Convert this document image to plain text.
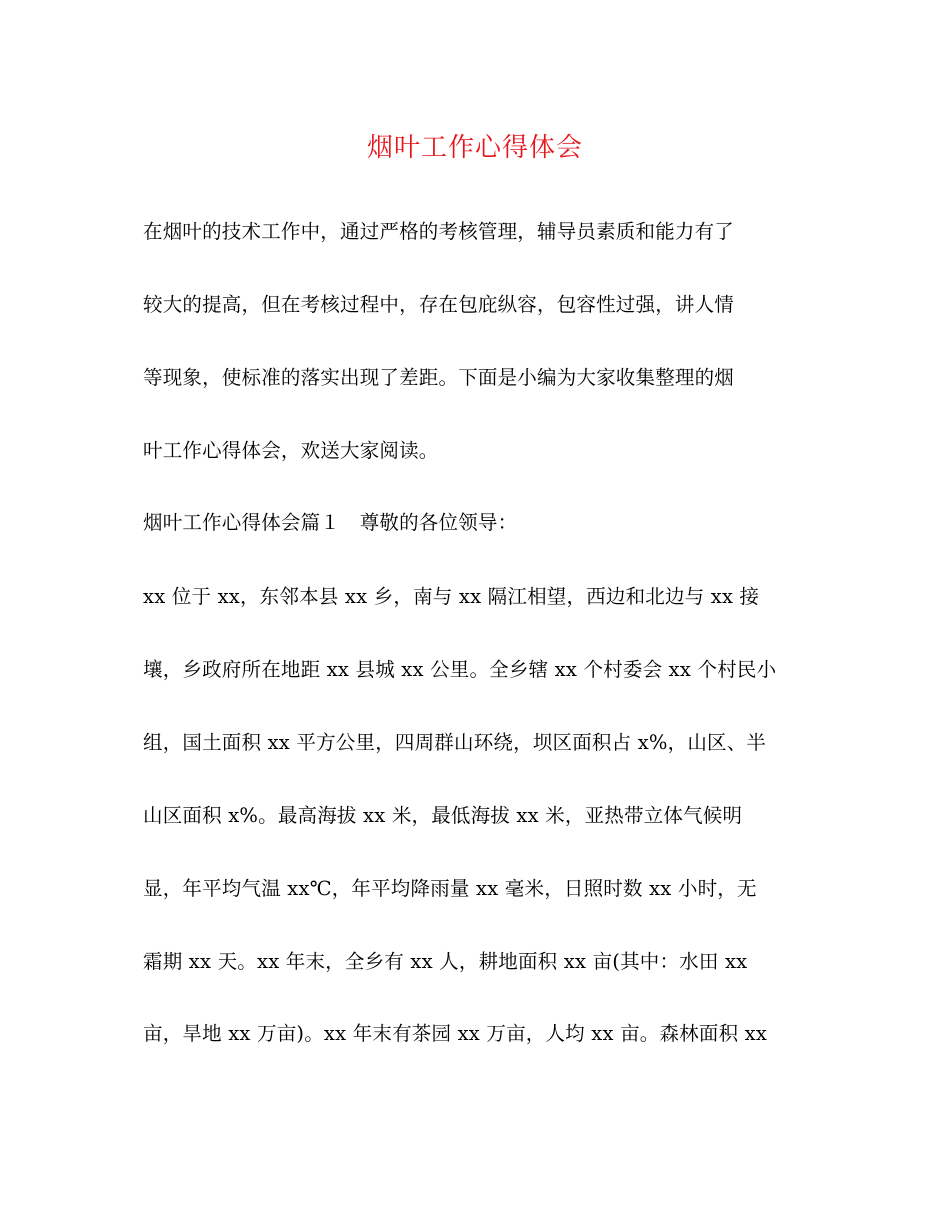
烟叶工作心得体会
在烟叶的技术工作中，通过严格的考核管理，辅导员素质和能力有了
较大的提高，但在考核过程中，存在包庇纵容，包容性过强，讲人情
等现象，使标准的落实出现了差距。下面是小编为大家收集整理的烟
叶工作心得体会，欢送大家阅读。
烟叶工作心得体会篇１　尊敬的各位领导：
xx 位于 xx，东邻本县 xx 乡，南与 xx 隔江相望，西边和北边与 xx 接
壤，乡政府所在地距 xx 县城 xx 公里。全乡辖 xx 个村委会 xx 个村民小
组，国土面积 xx 平方公里，四周群山环绕，坝区面积占 x%，山区、半
山区面积 x%。最高海拔 xx 米，最低海拔 xx 米，亚热带立体气候明
显，年平均气温 xx℃，年平均降雨量 xx 毫米，日照时数 xx 小时，无
霜期 xx 天。xx 年末，全乡有 xx 人，耕地面积 xx 亩(其中：水田 xx
亩，旱地 xx 万亩)。xx 年末有茶园 xx 万亩，人均 xx 亩。森林面积 xx
